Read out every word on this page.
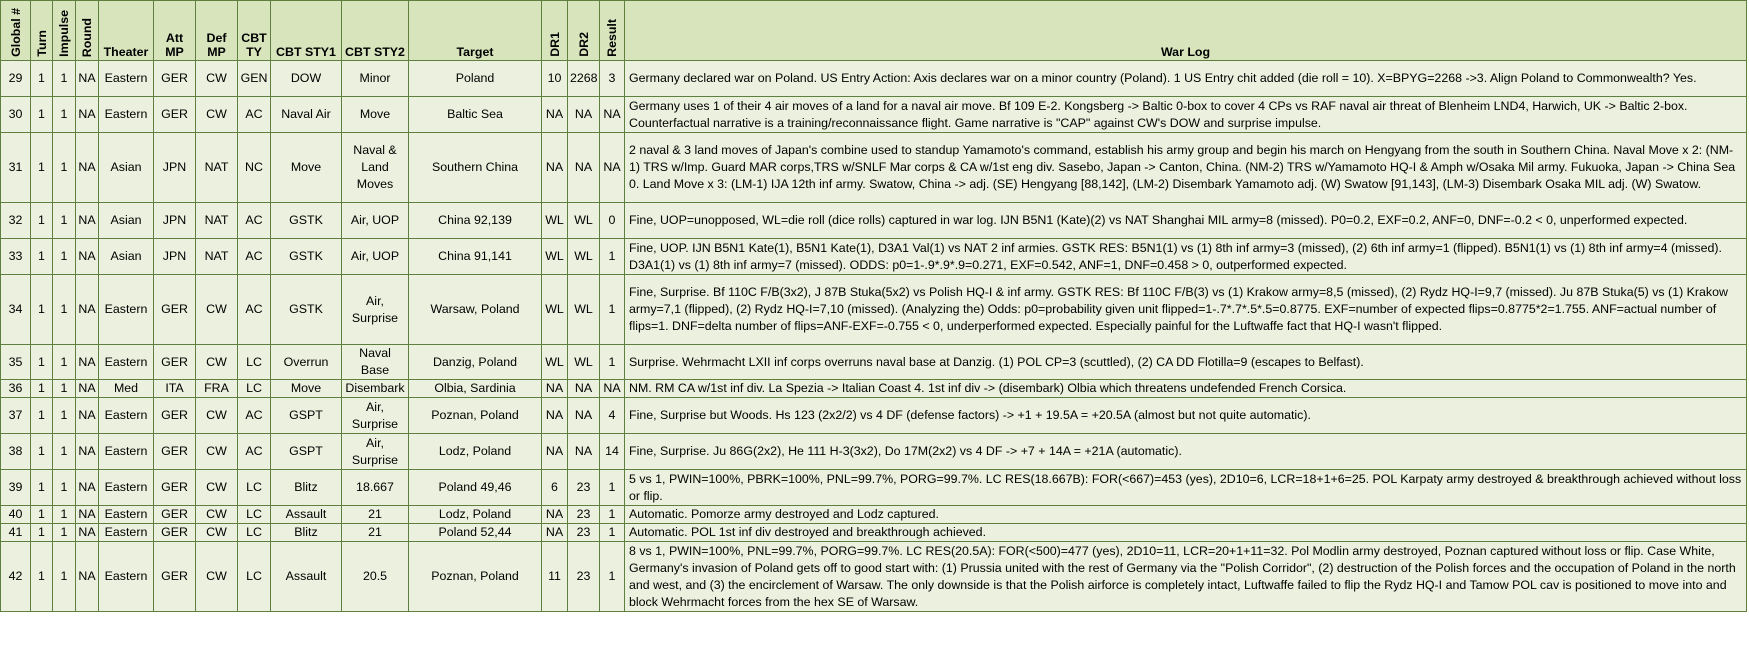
Global #	Turn	Impulse	Round	Theater	Att MP	Def MP	CBT TY	CBT STY1	CBT STY2	Target	DR1	DR2	Result	War Log
29	1	1	NA	Eastern	GER	CW	GEN	DOW	Minor	Poland	10	2268	3	Germany declared war on Poland. US Entry Action: Axis declares war on a minor country (Poland). 1 US Entry chit added (die roll = 10). X=BPYG=2268 ->3. Align Poland to Commonwealth? Yes.
30	1	1	NA	Eastern	GER	CW	AC	Naval Air	Move	Baltic Sea	NA	NA	NA	Germany uses 1 of their 4 air moves of a land for a naval air move. Bf 109 E-2. Kongsberg -> Baltic 0-box to cover 4 CPs vs RAF naval air threat of Blenheim LND4, Harwich, UK -> Baltic 2-box. Counterfactual narrative is a training/reconnaissance flight. Game narrative is "CAP" against CW's DOW and surprise impulse.
31	1	1	NA	Asian	JPN	NAT	NC	Move	Naval & Land Moves	Southern China	NA	NA	NA	2 naval & 3 land moves of Japan's combine used to standup Yamamoto's command, establish his army group and begin his march on Hengyang from the south in Southern China. Naval Move x 2: (NM-1) TRS w/Imp. Guard MAR corps,TRS w/SNLF Mar corps & CA w/1st eng div. Sasebo, Japan -> Canton, China. (NM-2) TRS w/Yamamoto HQ-I & Amph w/Osaka Mil army. Fukuoka, Japan -> China Sea 0. Land Move x 3: (LM-1) IJA 12th inf army. Swatow, China -> adj. (SE) Hengyang [88,142], (LM-2) Disembark Yamamoto adj. (W) Swatow [91,143], (LM-3) Disembark Osaka MIL adj. (W) Swatow.
32	1	1	NA	Asian	JPN	NAT	AC	GSTK	Air, UOP	China 92,139	WL	WL	0	Fine, UOP=unopposed, WL=die roll (dice rolls) captured in war log. IJN B5N1 (Kate)(2) vs NAT Shanghai MIL army=8 (missed). P0=0.2, EXF=0.2, ANF=0, DNF=-0.2 < 0, unperformed expected.
33	1	1	NA	Asian	JPN	NAT	AC	GSTK	Air, UOP	China 91,141	WL	WL	1	Fine, UOP. IJN B5N1 Kate(1), B5N1 Kate(1), D3A1 Val(1) vs NAT 2 inf armies. GSTK RES: B5N1(1) vs (1) 8th inf army=3 (missed), (2) 6th inf army=1 (flipped). B5N1(1) vs (1) 8th inf army=4 (missed). D3A1(1) vs (1) 8th inf army=7 (missed). ODDS: p0=1-.9*.9*.9=0.271, EXF=0.542, ANF=1, DNF=0.458 > 0, outperformed expected.
34	1	1	NA	Eastern	GER	CW	AC	GSTK	Air, Surprise	Warsaw, Poland	WL	WL	1	Fine, Surprise. Bf 110C F/B(3x2), J 87B Stuka(5x2) vs Polish HQ-I & inf army. GSTK RES: Bf 110C F/B(3) vs (1) Krakow army=8,5 (missed), (2) Rydz HQ-I=9,7 (missed). Ju 87B Stuka(5) vs (1) Krakow army=7,1 (flipped), (2) Rydz HQ-I=7,10 (missed). (Analyzing the) Odds: p0=probability given unit flipped=1-.7*.7*.5*.5=0.8775. EXF=number of expected flips=0.8775*2=1.755. ANF=actual number of flips=1. DNF=delta number of flips=ANF-EXF=-0.755 < 0, underperformed expected. Especially painful for the Luftwaffe fact that HQ-I wasn't flipped.
35	1	1	NA	Eastern	GER	CW	LC	Overrun	Naval Base	Danzig, Poland	WL	WL	1	Surprise. Wehrmacht LXII inf corps overruns naval base at Danzig. (1) POL CP=3 (scuttled), (2) CA DD Flotilla=9 (escapes to Belfast).
36	1	1	NA	Med	ITA	FRA	LC	Move	Disembark	Olbia, Sardinia	NA	NA	NA	NM. RM CA w/1st inf div. La Spezia -> Italian Coast 4. 1st inf div -> (disembark) Olbia which threatens undefended French Corsica.
37	1	1	NA	Eastern	GER	CW	AC	GSPT	Air, Surprise	Poznan, Poland	NA	NA	4	Fine, Surprise but Woods. Hs 123 (2x2/2) vs 4 DF (defense factors) -> +1 + 19.5A = +20.5A (almost but not quite automatic).
38	1	1	NA	Eastern	GER	CW	AC	GSPT	Air, Surprise	Lodz, Poland	NA	NA	14	Fine, Surprise. Ju 86G(2x2), He 111 H-3(3x2), Do 17M(2x2) vs 4 DF -> +7 + 14A = +21A (automatic).
39	1	1	NA	Eastern	GER	CW	LC	Blitz	18.667	Poland 49,46	6	23	1	5 vs 1, PWIN=100%, PBRK=100%, PNL=99.7%, PORG=99.7%. LC RES(18.667B): FOR(<667)=453 (yes), 2D10=6, LCR=18+1+6=25. POL Karpaty army destroyed & breakthrough achieved without loss or flip.
40	1	1	NA	Eastern	GER	CW	LC	Assault	21	Lodz, Poland	NA	23	1	Automatic. Pomorze army destroyed and Lodz captured.
41	1	1	NA	Eastern	GER	CW	LC	Blitz	21	Poland 52,44	NA	23	1	Automatic. POL 1st inf div destroyed and breakthrough achieved.
42	1	1	NA	Eastern	GER	CW	LC	Assault	20.5	Poznan, Poland	11	23	1	8 vs 1, PWIN=100%, PNL=99.7%, PORG=99.7%. LC RES(20.5A): FOR(<500)=477 (yes), 2D10=11, LCR=20+1+11=32. Pol Modlin army destroyed, Poznan captured without loss or flip. Case White, Germany's invasion of Poland gets off to good start with: (1) Prussia united with the rest of Germany via the "Polish Corridor", (2) destruction of the Polish forces and the occupation of Poland in the north and west, and (3) the encirclement of Warsaw. The only downside is that the Polish airforce is completely intact, Luftwaffe failed to flip the Rydz HQ-I and Tamow POL cav is positioned to move into and block Wehrmacht forces from the hex SE of Warsaw.
